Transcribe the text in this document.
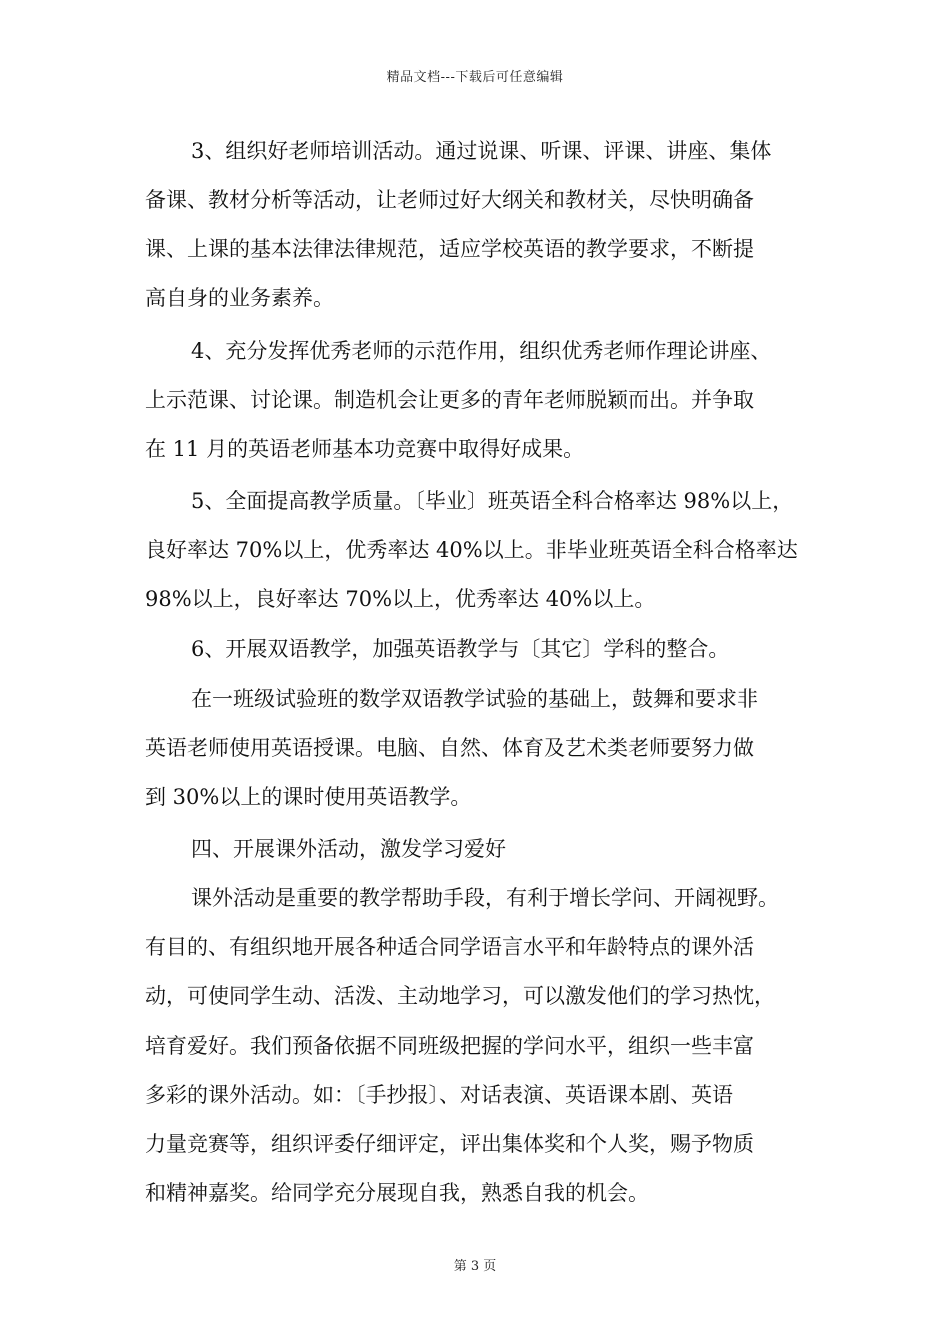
精品文档---下载后可任意编辑
3、组织好老师培训活动。通过说课、听课、评课、讲座、集体
备课、教材分析等活动，让老师过好大纲关和教材关，尽快明确备
课、上课的基本法律法律规范，适应学校英语的教学要求，不断提
高自身的业务素养。
4、充分发挥优秀老师的示范作用，组织优秀老师作理论讲座、
上示范课、讨论课。制造机会让更多的青年老师脱颖而出。并争取
在 11 月的英语老师基本功竞赛中取得好成果。
5、全面提高教学质量。〔毕业〕班英语全科合格率达 98%以上，
良好率达 70%以上，优秀率达 40%以上。非毕业班英语全科合格率达
98%以上，良好率达 70%以上，优秀率达 40%以上。
6、开展双语教学，加强英语教学与〔其它〕学科的整合。
在一班级试验班的数学双语教学试验的基础上，鼓舞和要求非
英语老师使用英语授课。电脑、自然、体育及艺术类老师要努力做
到 30%以上的课时使用英语教学。
四、开展课外活动，激发学习爱好
课外活动是重要的教学帮助手段，有利于增长学问、开阔视野。
有目的、有组织地开展各种适合同学语言水平和年龄特点的课外活
动，可使同学生动、活泼、主动地学习，可以激发他们的学习热忱，
培育爱好。我们预备依据不同班级把握的学问水平，组织一些丰富
多彩的课外活动。如：〔手抄报〕、对话表演、英语课本剧、英语
力量竞赛等，组织评委仔细评定，评出集体奖和个人奖，赐予物质
和精神嘉奖。给同学充分展现自我，熟悉自我的机会。
第 3 页
